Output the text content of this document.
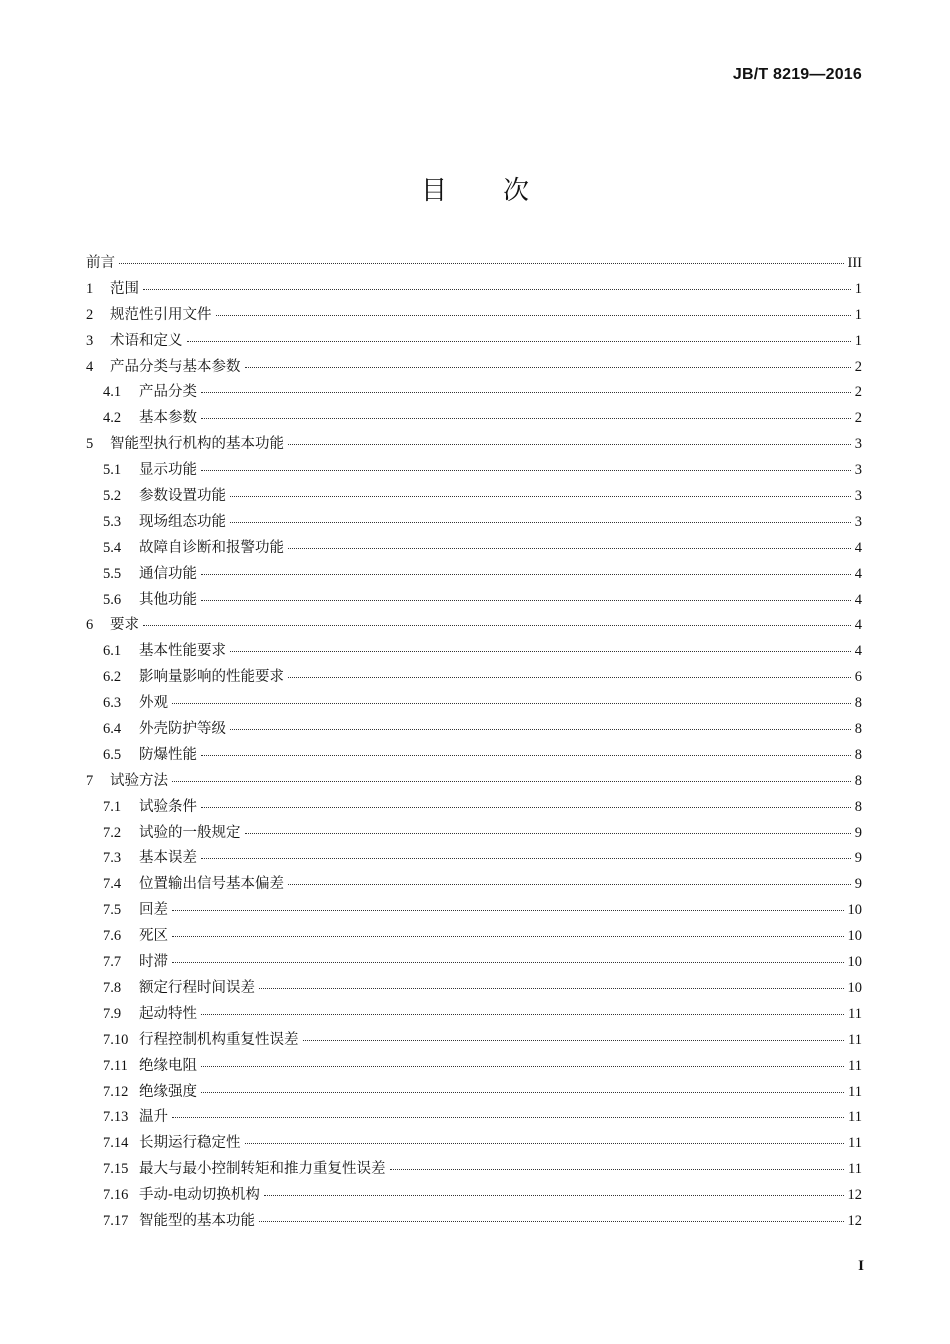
JB/T 8219—2016
目 次
前言	III
1	范围	1
2	规范性引用文件	1
3	术语和定义	1
4	产品分类与基本参数	2
4.1	产品分类	2
4.2	基本参数	2
5	智能型执行机构的基本功能	3
5.1	显示功能	3
5.2	参数设置功能	3
5.3	现场组态功能	3
5.4	故障自诊断和报警功能	4
5.5	通信功能	4
5.6	其他功能	4
6	要求	4
6.1	基本性能要求	4
6.2	影响量影响的性能要求	6
6.3	外观	8
6.4	外壳防护等级	8
6.5	防爆性能	8
7	试验方法	8
7.1	试验条件	8
7.2	试验的一般规定	9
7.3	基本误差	9
7.4	位置输出信号基本偏差	9
7.5	回差	10
7.6	死区	10
7.7	时滞	10
7.8	额定行程时间误差	10
7.9	起动特性	11
7.10 行程控制机构重复性误差	11
7.11 绝缘电阻	11
7.12 绝缘强度	11
7.13 温升	11
7.14 长期运行稳定性	11
7.15 最大与最小控制转矩和推力重复性误差	11
7.16 手动-电动切换机构	12
7.17 智能型的基本功能	12
I
